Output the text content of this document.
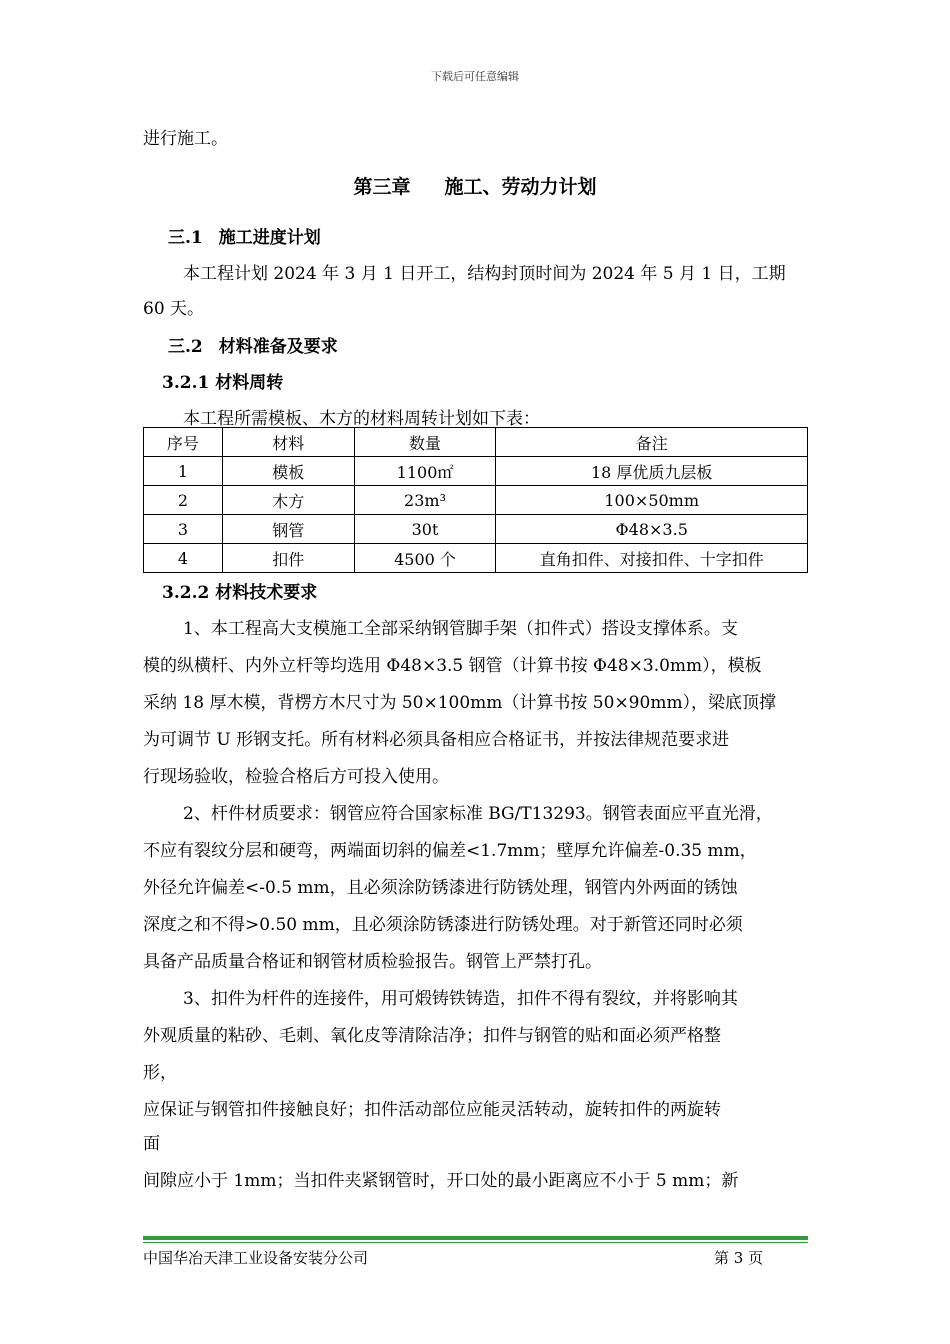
下载后可任意编辑
进行施工。
第三章 施工、劳动力计划
三.1 施工进度计划
本工程计划 2024 年 3 月 1 日开工，结构封顶时间为 2024 年 5 月 1 日，工期
60 天。
三.2 材料准备及要求
3.2.1 材料周转
本工程所需模板、木方的材料周转计划如下表：
序号	材料	数量	备注
1	模板	1100㎡	18 厚优质九层板
2	木方	23m³	100×50mm
3	钢管	30t	Φ48×3.5
4	扣件	4500 个	直角扣件、对接扣件、十字扣件
3.2.2 材料技术要求
1、本工程高大支模施工全部采纳钢管脚手架（扣件式）搭设支撑体系。支
模的纵横杆、内外立杆等均选用 Φ48×3.5 钢管（计算书按 Φ48×3.0mm），模板
采纳 18 厚木模，背楞方木尺寸为 50×100mm（计算书按 50×90mm），梁底顶撑
为可调节 U 形钢支托。所有材料必须具备相应合格证书，并按法律规范要求进
行现场验收，检验合格后方可投入使用。
2、杆件材质要求：钢管应符合国家标准 BG/T13293。钢管表面应平直光滑，
不应有裂纹分层和硬弯，两端面切斜的偏差<1.7mm；壁厚允许偏差-0.35 mm，
外径允许偏差<-0.5 mm，且必须涂防锈漆进行防锈处理，钢管内外两面的锈蚀
深度之和不得>0.50 mm，且必须涂防锈漆进行防锈处理。对于新管还同时必须
具备产品质量合格证和钢管材质检验报告。钢管上严禁打孔。
3、扣件为杆件的连接件，用可煅铸铁铸造，扣件不得有裂纹，并将影响其
外观质量的粘砂、毛刺、氧化皮等清除洁净；扣件与钢管的贴和面必须严格整
形，
应保证与钢管扣件接触良好；扣件活动部位应能灵活转动，旋转扣件的两旋转
面
间隙应小于 1mm；当扣件夹紧钢管时，开口处的最小距离应不小于 5 mm；新
中国华冶天津工业设备安装分公司	第 3 页
